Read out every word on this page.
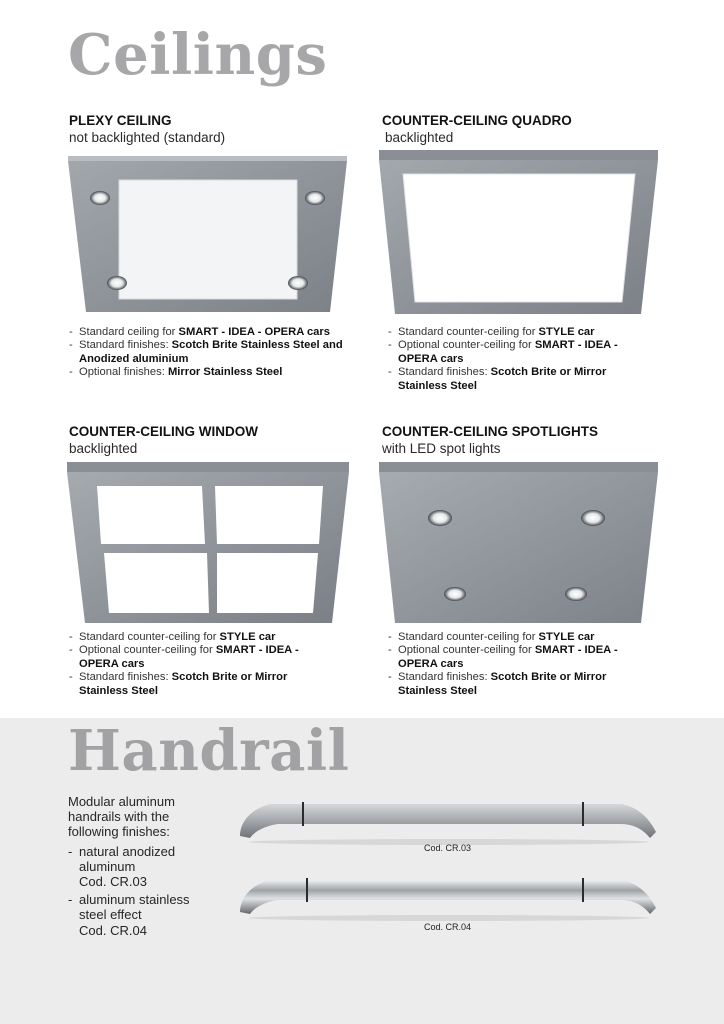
Ceilings
PLEXY CEILING
not backlighted (standard)
COUNTER-CEILING QUADRO
backlighted
COUNTER-CEILING WINDOW
backlighted
COUNTER-CEILING SPOTLIGHTS
with LED spot lights
- Standard ceiling for SMART - IDEA - OPERA cars
- Standard finishes: Scotch Brite Stainless Steel and Anodized aluminium
- Optional finishes: Mirror Stainless Steel
- Standard counter-ceiling for STYLE car
- Optional counter-ceiling for SMART - IDEA - OPERA cars
- Standard finishes: Scotch Brite or Mirror Stainless Steel
- Standard counter-ceiling for STYLE car
- Optional counter-ceiling for SMART - IDEA - OPERA cars
- Standard finishes: Scotch Brite or Mirror Stainless Steel
- Standard counter-ceiling for STYLE car
- Optional counter-ceiling for SMART - IDEA - OPERA cars
- Standard finishes: Scotch Brite or Mirror Stainless Steel
Handrail
Modular aluminum handrails with the following finishes:
- natural anodized aluminum
Cod. CR.03
- aluminum stainless steel effect
Cod. CR.04
Cod. CR.03
Cod. CR.04
